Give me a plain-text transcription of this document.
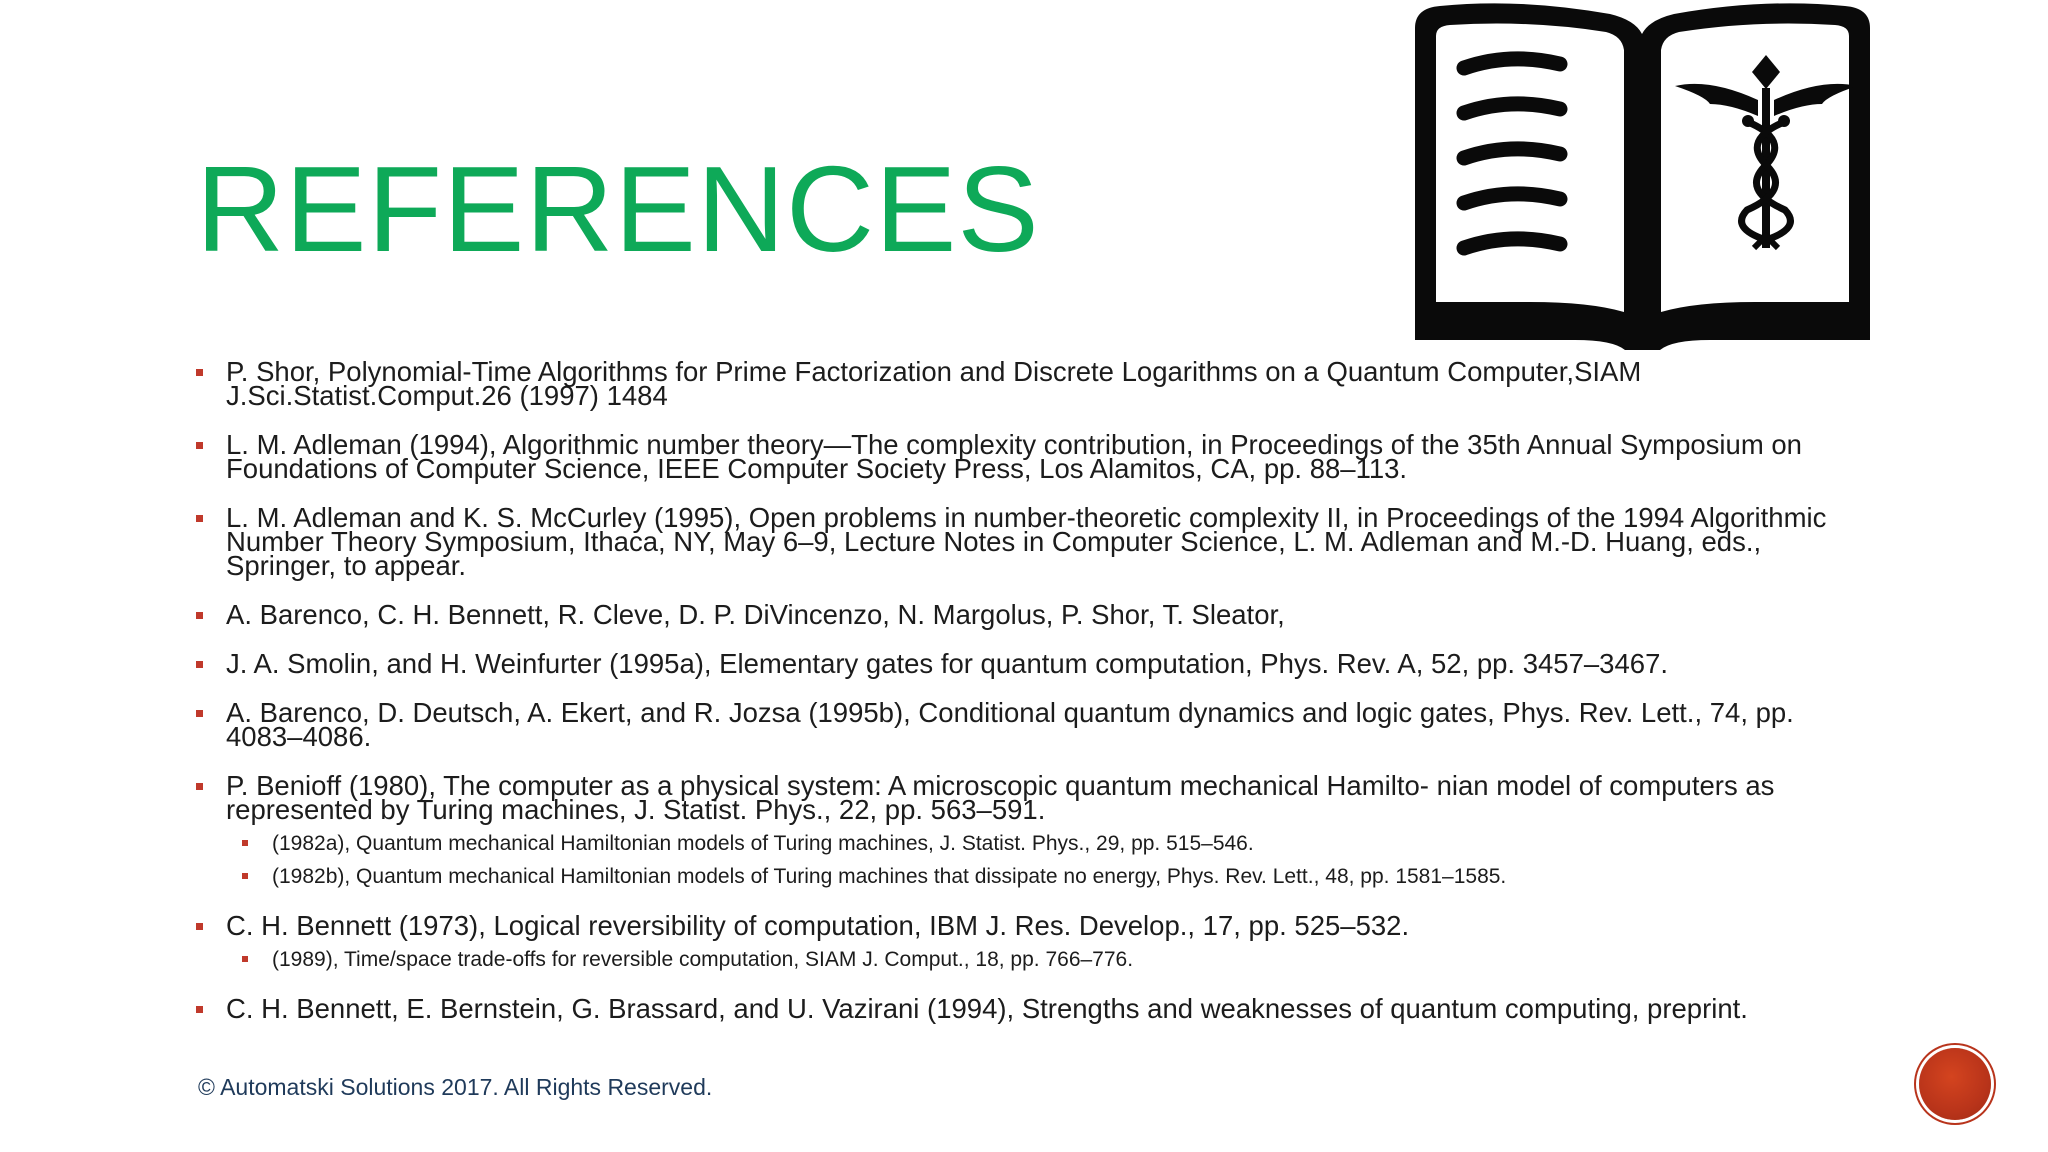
REFERENCES
P. Shor, Polynomial-Time Algorithms for Prime Factorization and Discrete Logarithms on a Quantum Computer,SIAM J.Sci.Statist.Comput.26 (1997) 1484
L. M. Adleman (1994), Algorithmic number theory—The complexity contribution, in Proceedings of the 35th Annual Symposium on Foundations of Computer Science, IEEE Computer Society Press, Los Alamitos, CA, pp. 88–113.
L. M. Adleman and K. S. McCurley (1995), Open problems in number-theoretic complexity II, in Proceedings of the 1994 Algorithmic Number Theory Symposium, Ithaca, NY, May 6–9, Lecture Notes in Computer Science, L. M. Adleman and M.-D. Huang, eds., Springer, to appear.
A. Barenco, C. H. Bennett, R. Cleve, D. P. DiVincenzo, N. Margolus, P. Shor, T. Sleator,
J. A. Smolin, and H. Weinfurter (1995a), Elementary gates for quantum computation, Phys. Rev. A, 52, pp. 3457–3467.
A. Barenco, D. Deutsch, A. Ekert, and R. Jozsa (1995b), Conditional quantum dynamics and logic gates, Phys. Rev. Lett., 74, pp. 4083–4086.
P. Benioff (1980), The computer as a physical system: A microscopic quantum mechanical Hamilto- nian model of computers as represented by Turing machines, J. Statist. Phys., 22, pp. 563–591.
(1982a), Quantum mechanical Hamiltonian models of Turing machines, J. Statist. Phys., 29, pp. 515–546.
(1982b), Quantum mechanical Hamiltonian models of Turing machines that dissipate no energy, Phys. Rev. Lett., 48, pp. 1581–1585.
C. H. Bennett (1973), Logical reversibility of computation, IBM J. Res. Develop., 17, pp. 525–532.
(1989), Time/space trade-offs for reversible computation, SIAM J. Comput., 18, pp. 766–776.
C. H. Bennett, E. Bernstein, G. Brassard, and U. Vazirani (1994), Strengths and weaknesses of quantum computing, preprint.
© Automatski Solutions 2017. All Rights Reserved.
